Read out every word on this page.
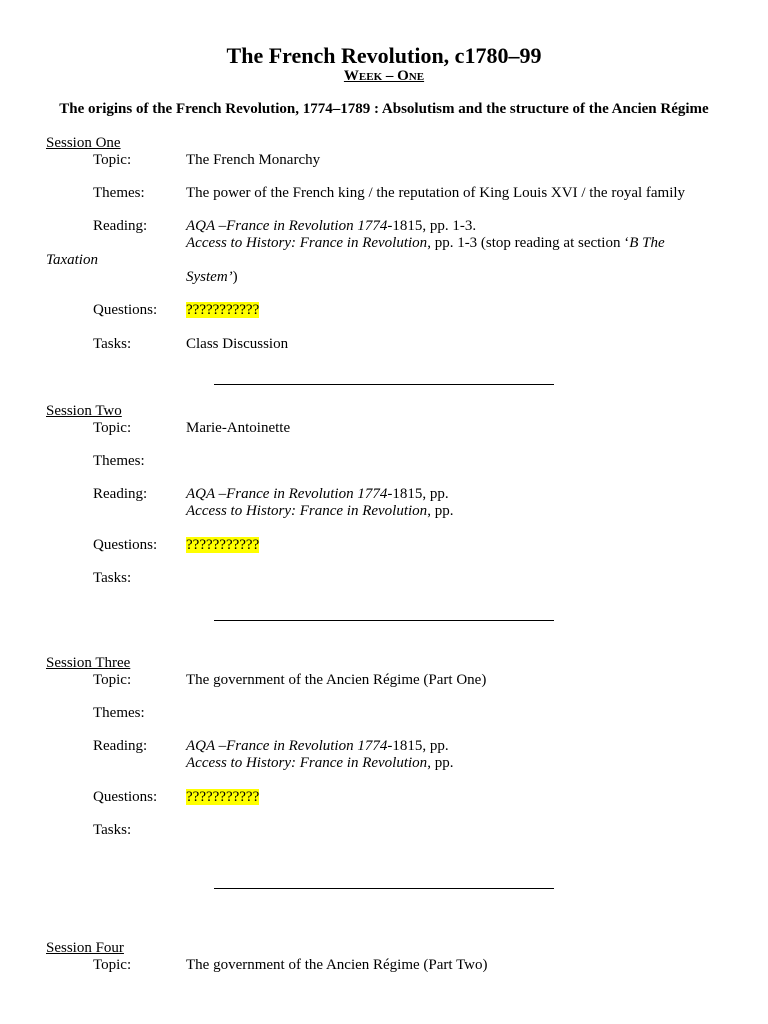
The French Revolution, c1780–99
Week – One
The origins of the French Revolution, 1774–1789 : Absolutism and the structure of the Ancien Régime
Session One
Topic:	The French Monarchy
Themes:	The power of the French king / the reputation of King Louis XVI / the royal family
Reading:	AQA –France in Revolution 1774-1815, pp. 1-3.
Access to History: France in Revolution, pp. 1-3 (stop reading at section ‘B The
Taxation
System’)
Questions: ???????????
Tasks:	Class Discussion
Session Two
Topic:	Marie-Antoinette
Themes:
Reading:	AQA –France in Revolution 1774-1815, pp.
Access to History: France in Revolution, pp.
Questions: ???????????
Tasks:
Session Three
Topic:	The government of the Ancien Régime (Part One)
Themes:
Reading:	AQA –France in Revolution 1774-1815, pp.
Access to History: France in Revolution, pp.
Questions: ???????????
Tasks:
Session Four
Topic:	The government of the Ancien Régime (Part Two)
